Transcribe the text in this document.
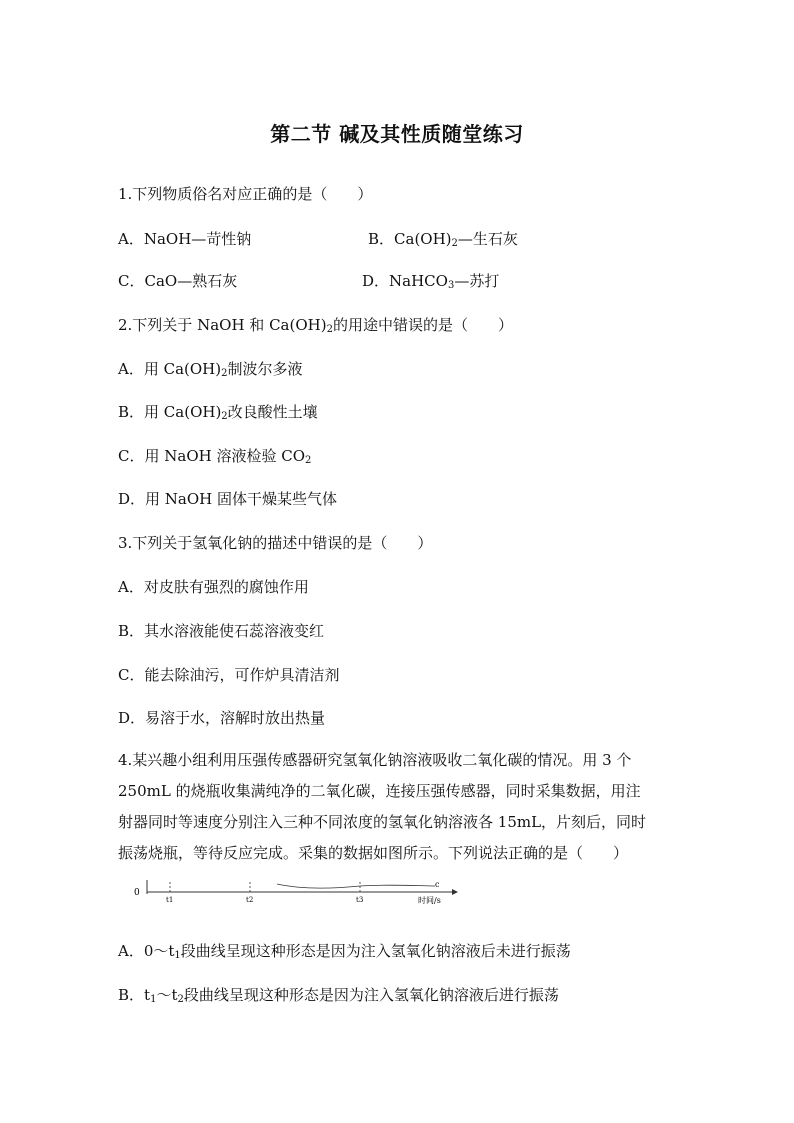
第二节 碱及其性质随堂练习
1.下列物质俗名对应正确的是（　　）
A．NaOH—苛性钠	B．$Ca(OH)_2—$生石灰
C．CaO—熟石灰	D．NaHCO$_3$—苏打
2.下列关于 NaOH 和 $Ca(OH)_2$的用途中错误的是（　　）
A．用 $Ca(OH)_2$制波尔多液
B．用 $Ca(OH)_2$改良酸性土壤
C．用 NaOH 溶液检验 $CO_2$
D．用 NaOH 固体干燥某些气体
3.下列关于氢氧化钠的描述中错误的是（　　）
A．对皮肤有强烈的腐蚀作用
B．其水溶液能使石蕊溶液变红
C．能去除油污，可作炉具清洁剂
D．易溶于水，溶解时放出热量
4.某兴趣小组利用压强传感器研究氢氧化钠溶液吸收二氧化碳的情况。用 3 个
250mL 的烧瓶收集满纯净的二氧化碳，连接压强传感器，同时采集数据，用注
射器同时等速度分别注入三种不同浓度的氢氧化钠溶液各 15mL，片刻后，同时
振荡烧瓶，等待反应完成。采集的数据如图所示。下列说法正确的是（　　）
0
c
t1	t2	t3	时间/s
A．$0\sim t_1$段曲线呈现这种形态是因为注入氢氧化钠溶液后未进行振荡
B．$t_1\sim t_2$段曲线呈现这种形态是因为注入氢氧化钠溶液后进行振荡
